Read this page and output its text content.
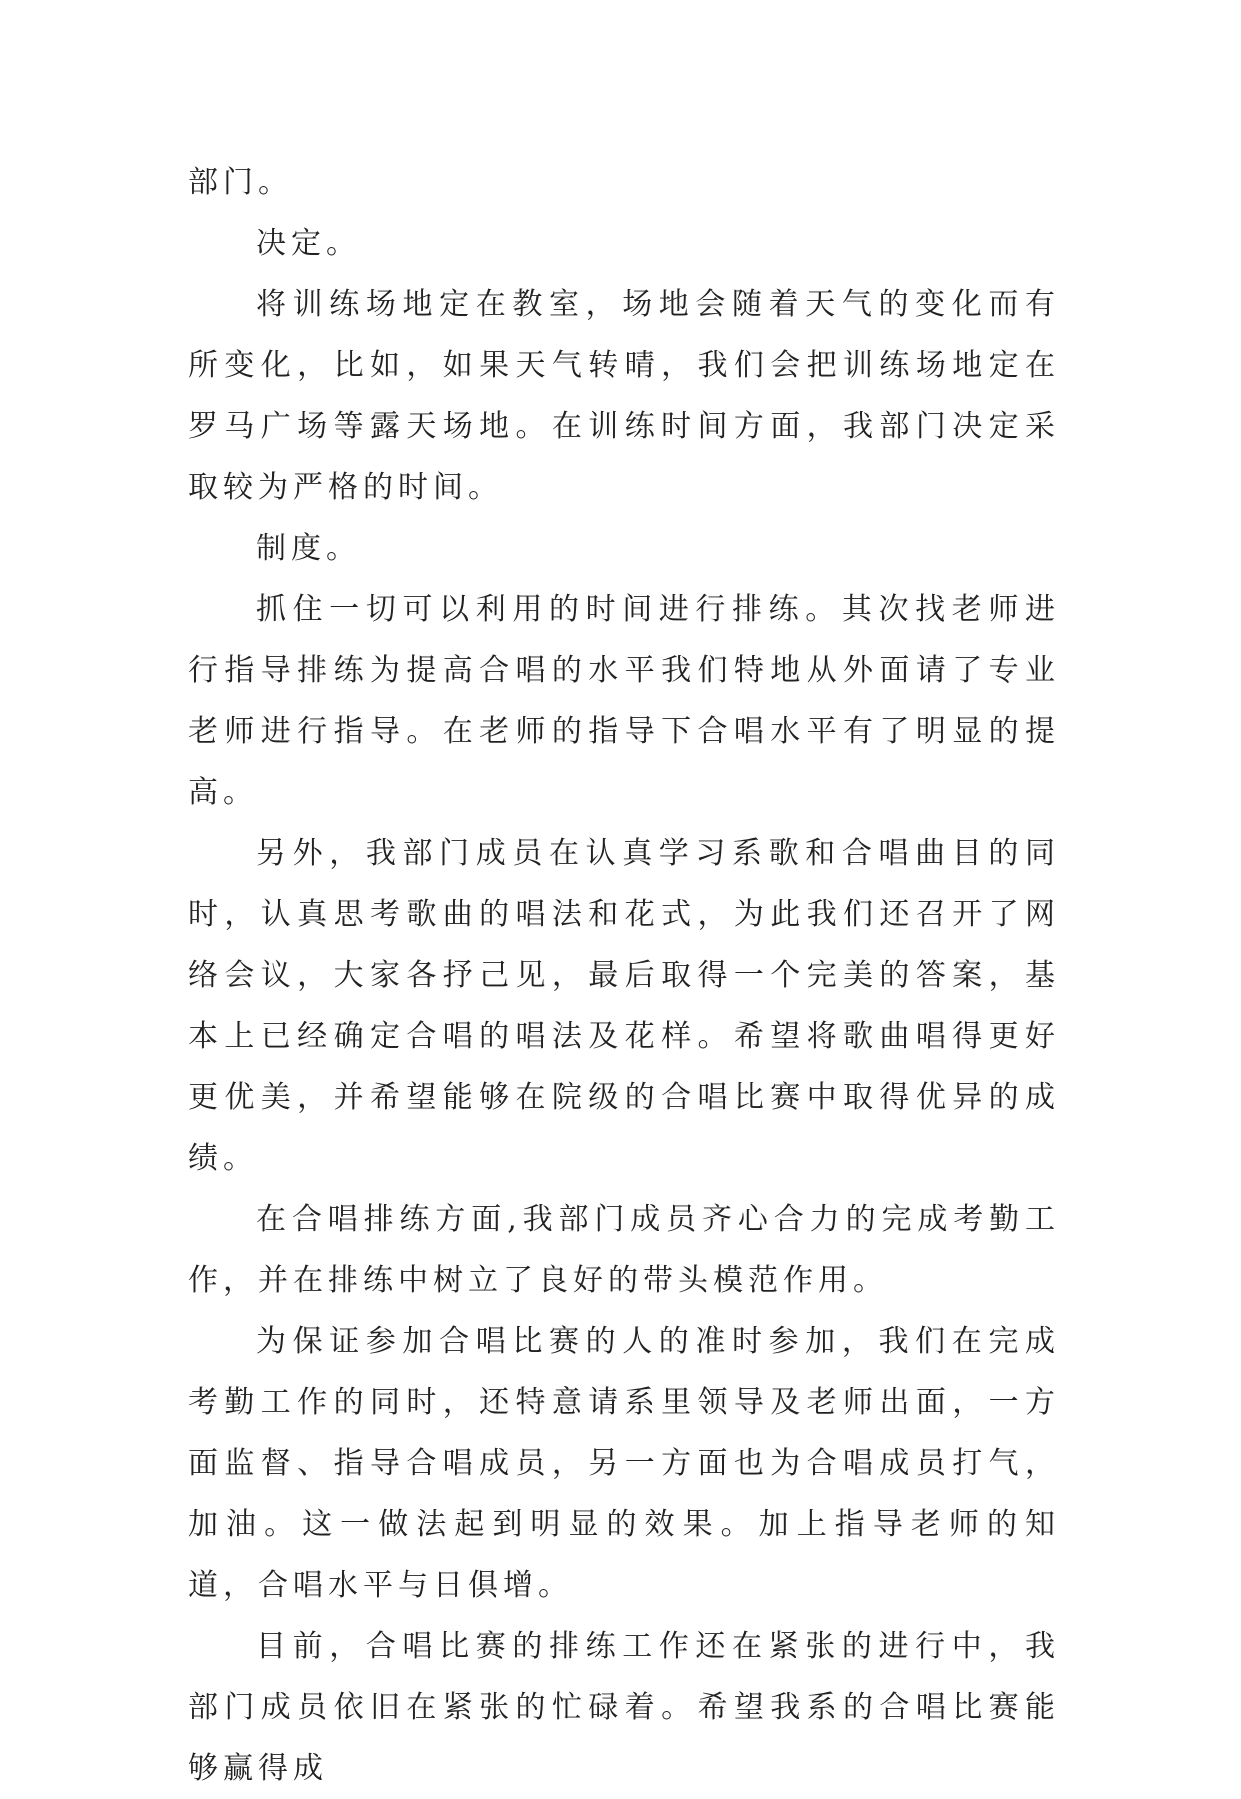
部门。

决定。

将训练场地定在教室，场地会随着天气的变化而有所变化，比如，如果天气转晴，我们会把训练场地定在罗马广场等露天场地。在训练时间方面，我部门决定采取较为严格的时间。

制度。

抓住一切可以利用的时间进行排练。其次找老师进行指导排练为提高合唱的水平我们特地从外面请了专业老师进行指导。在老师的指导下合唱水平有了明显的提高。

另外，我部门成员在认真学习系歌和合唱曲目的同时，认真思考歌曲的唱法和花式，为此我们还召开了网络会议，大家各抒己见，最后取得一个完美的答案，基本上已经确定合唱的唱法及花样。希望将歌曲唱得更好更优美，并希望能够在院级的合唱比赛中取得优异的成绩。

在合唱排练方面,我部门成员齐心合力的完成考勤工作，并在排练中树立了良好的带头模范作用。

为保证参加合唱比赛的人的准时参加，我们在完成考勤工作的同时，还特意请系里领导及老师出面，一方面监督、指导合唱成员，另一方面也为合唱成员打气，加油。这一做法起到明显的效果。加上指导老师的知道，合唱水平与日俱增。

目前，合唱比赛的排练工作还在紧张的进行中，我部门成员依旧在紧张的忙碌着。希望我系的合唱比赛能够赢得成
